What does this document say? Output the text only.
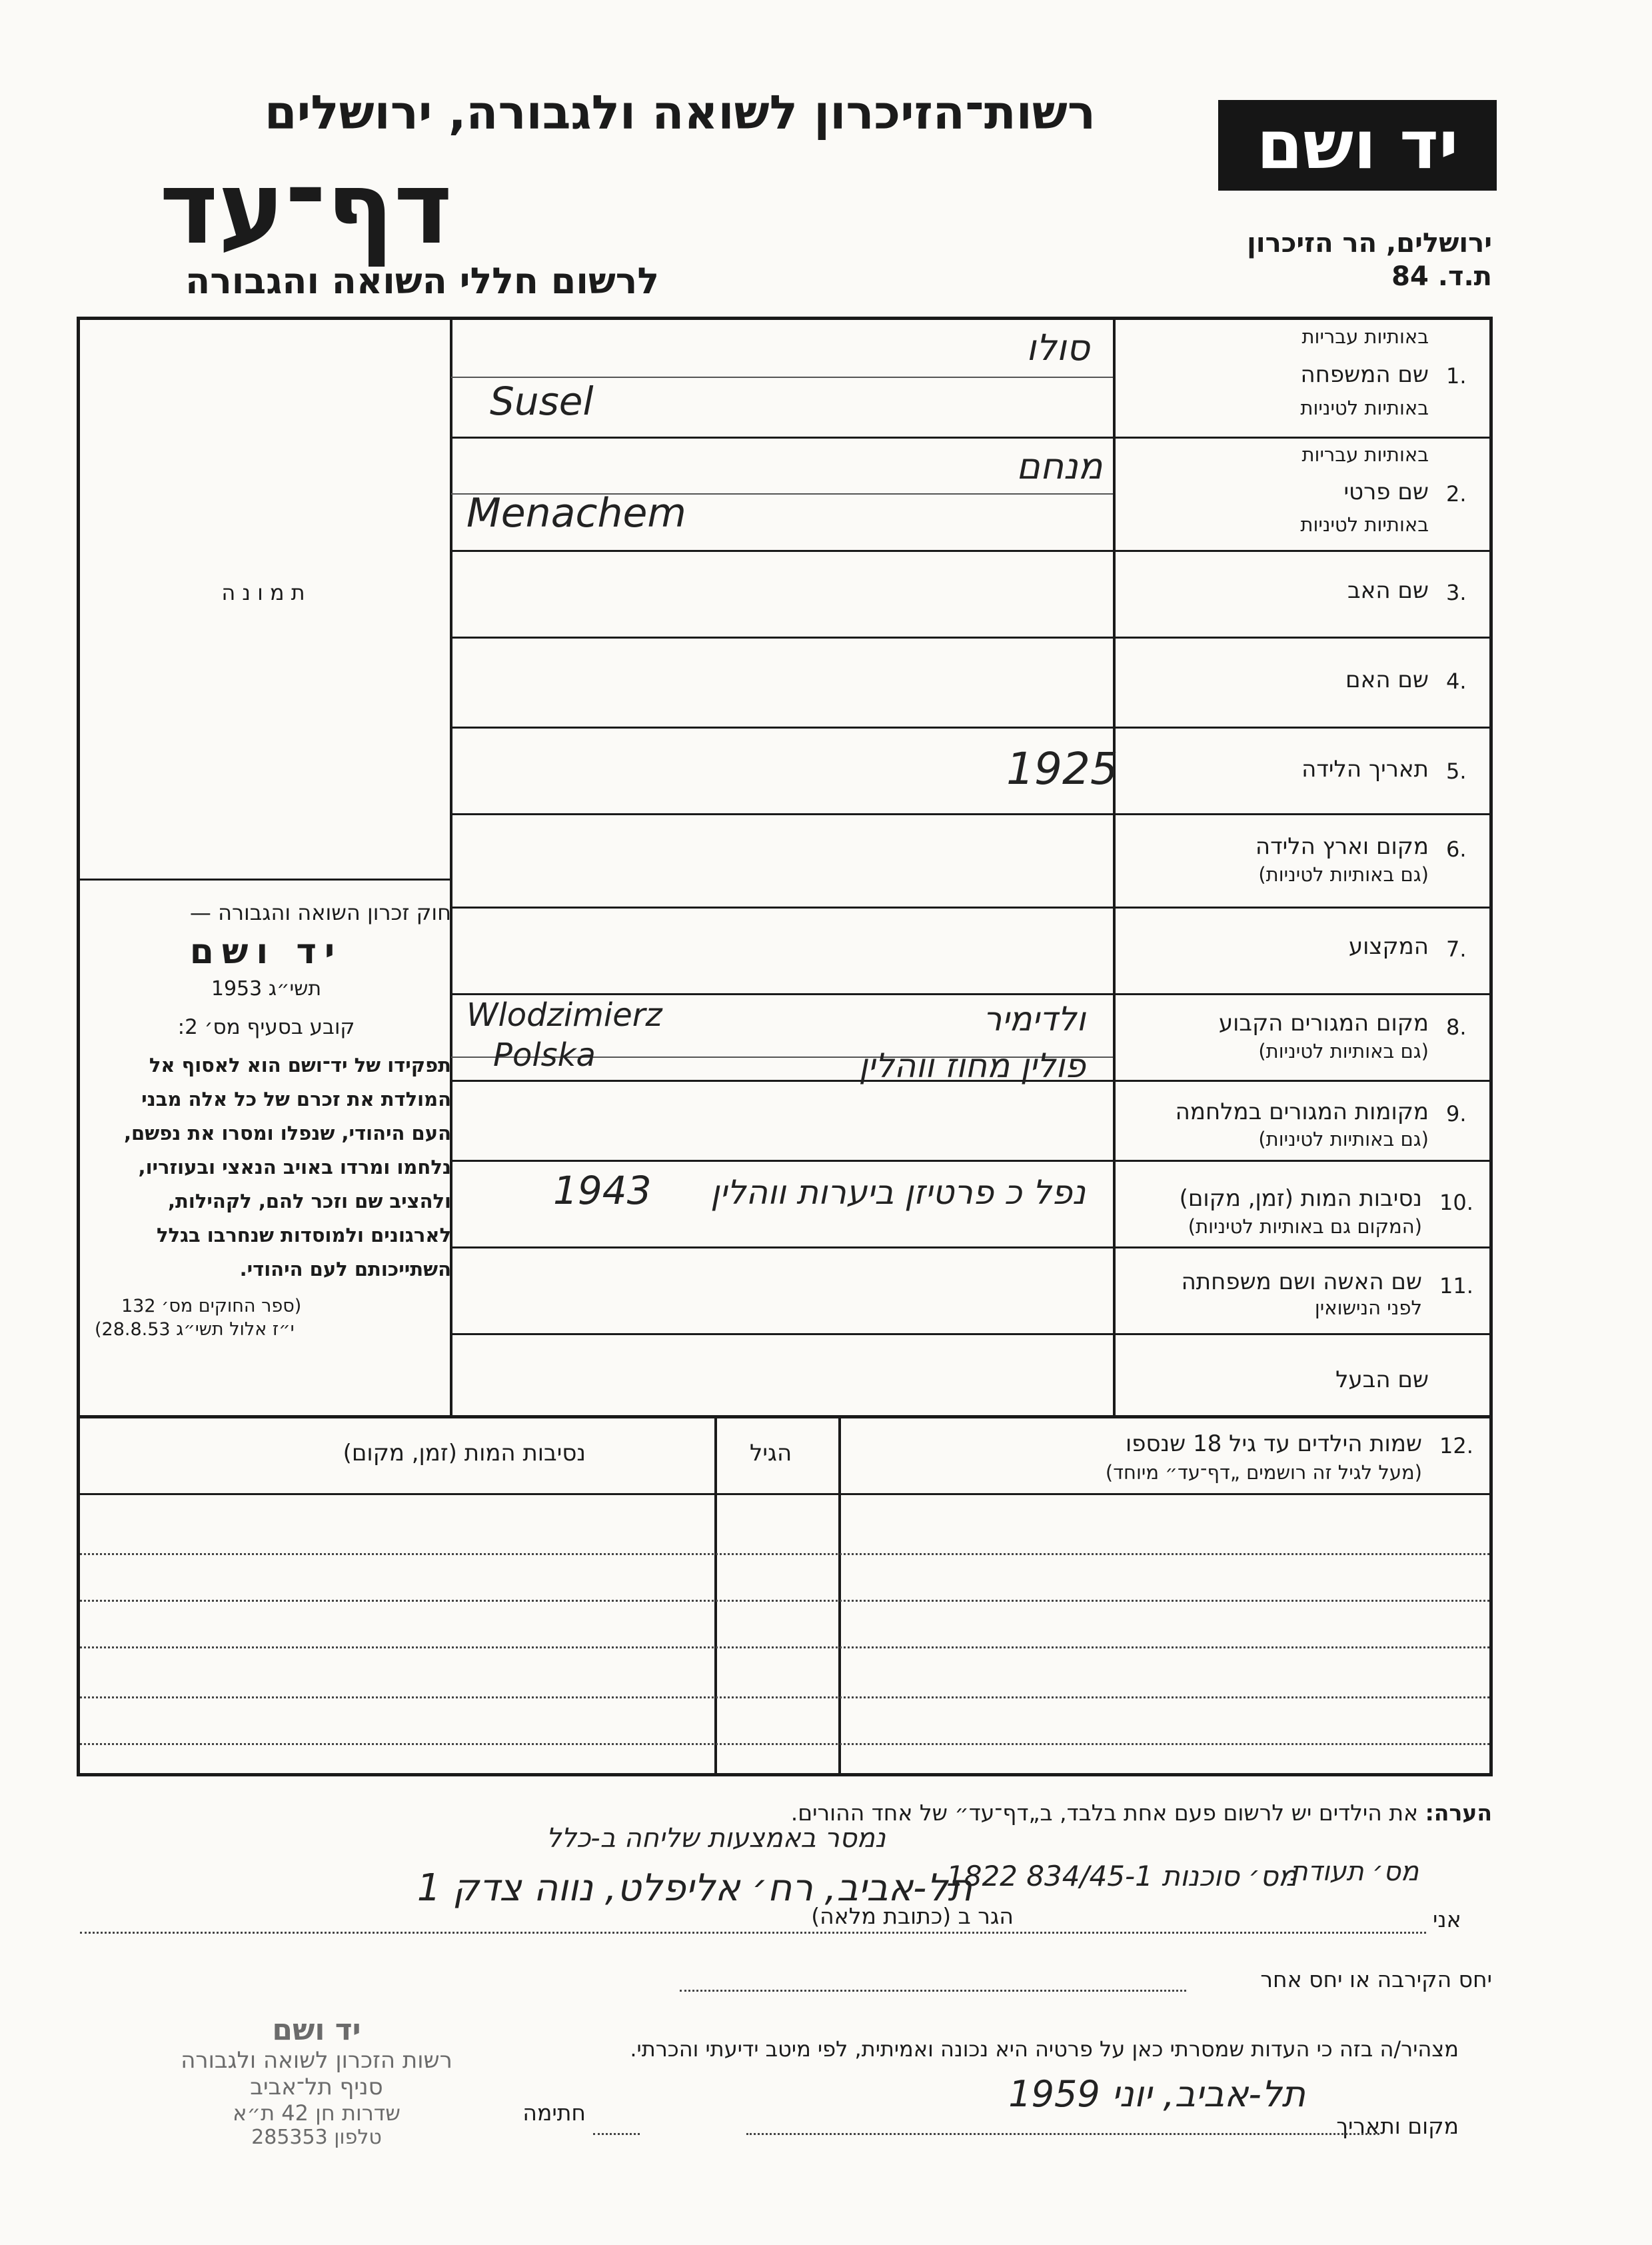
יד ושם
רשות־הזיכרון לשואה ולגבורה, ירושלים
דף־עד
לרשום חללי השואה והגבורה
ירושלים, הר הזיכרון
ת.ד. 84
תמונה
1.
שם המשפחה
באותיות עבריות
באותיות לטיניות
סולו
Susel
2.
שם פרטי
באותיות עבריות
באותיות לטיניות
מנחם
Menachem
3.
שם האב
4.
שם האם
5.
תאריך הלידה
1925
6.
מקום וארץ הלידה
(גם באותיות לטיניות)
7.
המקצוע
8.
מקום המגורים הקבוע
(גם באותיות לטיניות)
ולדימיר
פולין מחוז ווהלין
Wlodzimierz
Polska
9.
מקומות המגורים במלחמה
(גם באותיות לטיניות)
10.
נסיבות המות (זמן, מקום)
(המקום גם באותיות לטיניות)
נפל כ פרטיזן ביערות ווהלין
1943
11.
שם האשה ושם משפחתה
לפני הנישואין
שם הבעל
חוק זכרון השואה והגבורה —
יד ושם
תשי״ג 1953
קובע בסעיף מס׳ 2:
תפקידו של יד־ושם הוא לאסוף אל
המולדת את זכרם של כל אלה מבני
העם היהודי, שנפלו ומסרו את נפשם,
נלחמו ומרדו באויב הנאצי ובעוזריו,
ולהציב שם וזכר להם, לקהילות,
לארגונים ולמוסדות שנחרבו בגלל
השתייכותם לעם היהודי.
(ספר החוקים מס׳ 132
י״ז אלול תשי״ג 28.8.53)
12.
שמות הילדים עד גיל 18 שנספו
(מעל לגיל זה רושמים „דף־עד״ מיוחד)
הגיל
נסיבות המות (זמן, מקום)
הערה: את הילדים יש לרשום פעם אחת בלבד, ב„דף־עד״ של אחד ההורים.
נמסר באמצעות שליחה ב-כלל
מס׳ תעודת
1822 מס׳ סוכנות 834/45-1
אני
הגר ב (כתובת מלאה)
תל-אביב, רח׳ אליפלט, נווה צדק 1
יחס הקירבה או יחס אחר
מצהיר/ה בזה כי העדות שמסרתי כאן על פרטיה היא נכונה ואמיתית, לפי מיטב ידיעתי והכרתי.
חתימה
מקום ותאריך
תל-אביב, יוני 1959
יד ושם
רשות הזכרון לשואה ולגבורה
סניף תל־אביב
שדרות חן 42 ת״א
טלפון 285353
